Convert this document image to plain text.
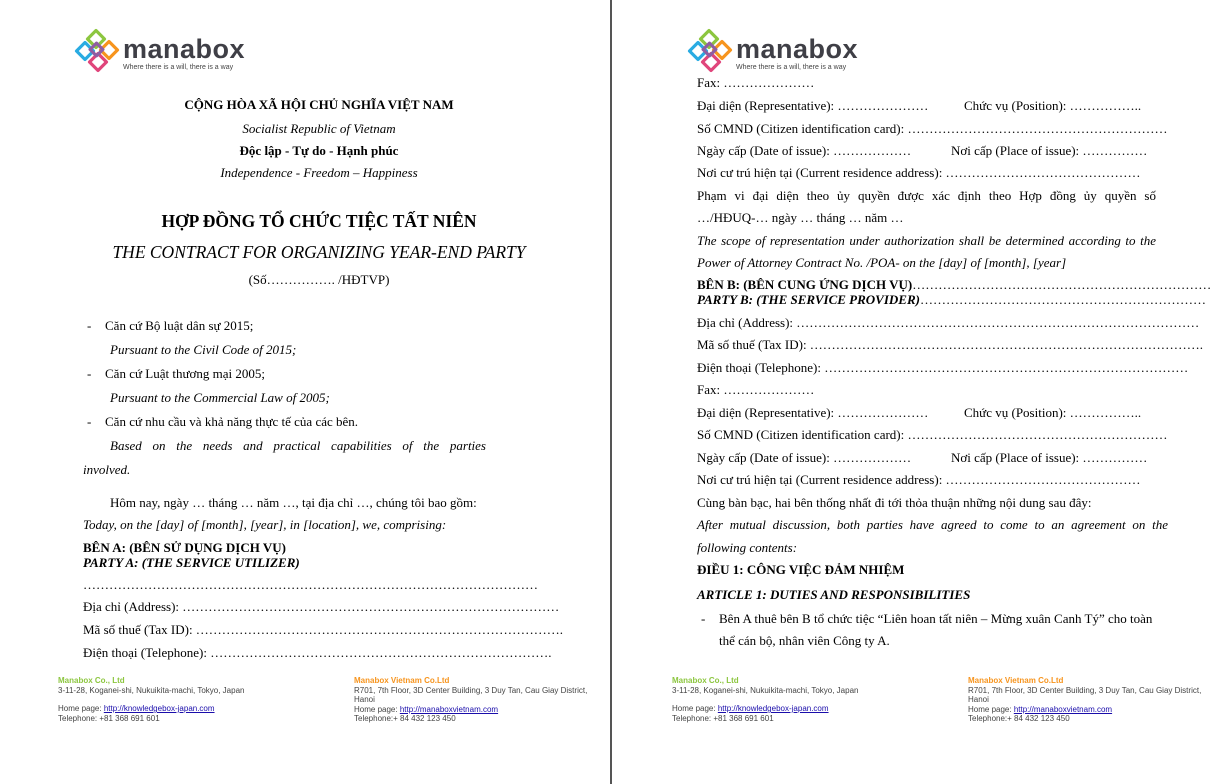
manabox
Where there is a will, there is a way
CỘNG HÒA XÃ HỘI CHỦ NGHĨA VIỆT NAM
Socialist Republic of Vietnam
Độc lập - Tự do - Hạnh phúc
Independence - Freedom – Happiness
HỢP ĐỒNG TỔ CHỨC TIỆC TẤT NIÊN
THE CONTRACT FOR ORGANIZING YEAR-END PARTY
(Số……………. /HĐTVP)
- Căn cứ Bộ luật dân sự 2015;
Pursuant to the Civil Code of 2015;
- Căn cứ Luật thương mại 2005;
Pursuant to the Commercial Law of 2005;
- Căn cứ nhu cầu và khả năng thực tế của các bên.
Based on the needs and practical capabilities of the parties
involved.
Hôm nay, ngày … tháng … năm …, tại địa chỉ …, chúng tôi bao gồm:
Today, on the [day] of [month], [year], in [location], we, comprising:
BÊN A: (BÊN SỬ DỤNG DỊCH VỤ)
PARTY A: (THE SERVICE UTILIZER)
……………………………………………………………………………………………
Địa chỉ (Address): ……………………………………………………………………………
Mã số thuế (Tax ID): ………………………………………………………………………….
Điện thoại (Telephone): …………………………………………………………………….
Manabox Co., Ltd
3-11-28, Koganei-shi, Nukuikita-machi, Tokyo, Japan
Home page: http://knowledgebox-japan.com
Telephone: +81 368 691 601
Manabox Vietnam Co.Ltd
R701, 7th Floor, 3D Center Building, 3 Duy Tan, Cau Giay District,
Hanoi
Home page: http://manaboxvietnam.com
Telephone:+ 84 432 123 450
manabox
Where there is a will, there is a way
Fax: …………………
Đại diện (Representative): …………………	Chức vụ (Position): ……………..
Số CMND (Citizen identification card): ……………………………………………………
Ngày cấp (Date of issue): ………………	Nơi cấp (Place of issue): ……………
Nơi cư trú hiện tại (Current residence address): ………………………………………
Phạm vi đại diện theo ủy quyền được xác định theo Hợp đồng ủy quyền số
…/HĐUQ-… ngày … tháng … năm …
The scope of representation under authorization shall be determined according to the
Power of Attorney Contract No. /POA- on the [day] of [month], [year]
BÊN B: (BÊN CUNG ỨNG DỊCH VỤ)……………………………………………………………
PARTY B: (THE SERVICE PROVIDER)…………………………………………………………
Địa chỉ (Address): …………………………………………………………………………………
Mã số thuế (Tax ID): ……………………………………………………………………………….
Điện thoại (Telephone): …………………………………………………………………………
Fax: …………………
Đại diện (Representative): …………………	Chức vụ (Position): ……………..
Số CMND (Citizen identification card): ……………………………………………………
Ngày cấp (Date of issue): ………………	Nơi cấp (Place of issue): ……………
Nơi cư trú hiện tại (Current residence address): ………………………………………
Cùng bàn bạc, hai bên thống nhất đi tới thỏa thuận những nội dung sau đây:
After mutual discussion, both parties have agreed to come to an agreement on the
following contents:
ĐIỀU 1: CÔNG VIỆC ĐẢM NHIỆM
ARTICLE 1: DUTIES AND RESPONSIBILITIES
- Bên A thuê bên B tổ chức tiệc “Liên hoan tất niên – Mừng xuân Canh Tý” cho toàn
thể cán bộ, nhân viên Công ty A.
Manabox Co., Ltd
3-11-28, Koganei-shi, Nukuikita-machi, Tokyo, Japan
Home page: http://knowledgebox-japan.com
Telephone: +81 368 691 601
Manabox Vietnam Co.Ltd
R701, 7th Floor, 3D Center Building, 3 Duy Tan, Cau Giay District,
Hanoi
Home page: http://manaboxvietnam.com
Telephone:+ 84 432 123 450
